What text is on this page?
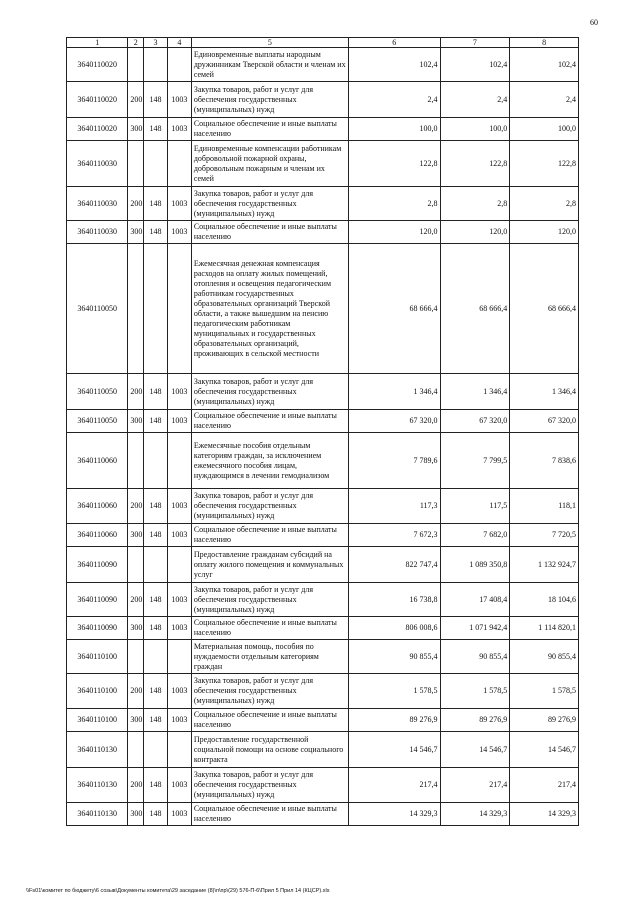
60
1	2	3	4	5	6	7	8
3640110020				Единовременные выплаты народным дружинникам Тверской области и членам их семей	102,4	102,4	102,4
3640110020	200	148	1003	Закупка товаров, работ и услуг для обеспечения государственных (муниципальных) нужд	2,4	2,4	2,4
3640110020	300	148	1003	Социальное обеспечение и иные выплаты населению	100,0	100,0	100,0
3640110030				Единовременные компенсации работникам добровольной пожарной охраны, добровольным пожарным и членам их семей	122,8	122,8	122,8
3640110030	200	148	1003	Закупка товаров, работ и услуг для обеспечения государственных (муниципальных) нужд	2,8	2,8	2,8
3640110030	300	148	1003	Социальное обеспечение и иные выплаты населению	120,0	120,0	120,0
3640110050				Ежемесячная денежная компенсация расходов на оплату жилых помещений, отопления и освещения педагогическим работникам государственных образовательных организаций Тверской области, а также вышедшим на пенсию педагогическим работникам муниципальных и государственных образовательных организаций, проживающих в сельской местности	68 666,4	68 666,4	68 666,4
3640110050	200	148	1003	Закупка товаров, работ и услуг для обеспечения государственных (муниципальных) нужд	1 346,4	1 346,4	1 346,4
3640110050	300	148	1003	Социальное обеспечение и иные выплаты населению	67 320,0	67 320,0	67 320,0
3640110060				Ежемесячные пособия отдельным категориям граждан, за исключением ежемесячного пособия лицам, нуждающимся в лечении гемодиализом	7 789,6	7 799,5	7 838,6
3640110060	200	148	1003	Закупка товаров, работ и услуг для обеспечения государственных (муниципальных) нужд	117,3	117,5	118,1
3640110060	300	148	1003	Социальное обеспечение и иные выплаты населению	7 672,3	7 682,0	7 720,5
3640110090				Предоставление гражданам субсидий на оплату жилого помещения и коммунальных услуг	822 747,4	1 089 350,8	1 132 924,7
3640110090	200	148	1003	Закупка товаров, работ и услуг для обеспечения государственных (муниципальных) нужд	16 738,8	17 408,4	18 104,6
3640110090	300	148	1003	Социальное обеспечение и иные выплаты населению	806 008,6	1 071 942,4	1 114 820,1
3640110100				Материальная помощь, пособия по нуждаемости отдельным категориям граждан	90 855,4	90 855,4	90 855,4
3640110100	200	148	1003	Закупка товаров, работ и услуг для обеспечения государственных (муниципальных) нужд	1 578,5	1 578,5	1 578,5
3640110100	300	148	1003	Социальное обеспечение и иные выплаты населению	89 276,9	89 276,9	89 276,9
3640110130				Предоставление государственной социальной помощи на основе социального контракта	14 546,7	14 546,7	14 546,7
3640110130	200	148	1003	Закупка товаров, работ и услуг для обеспечения государственных (муниципальных) нужд	217,4	217,4	217,4
3640110130	300	148	1003	Социальное обеспечение и иные выплаты населению	14 329,3	14 329,3	14 329,3
\\Fs01\комитет по бюджету\6 созыв\Документы комитета\29 заседание (8)\п\пр\(29) 576-П-6\Прил 5 Прил 14 (КЦСР).xls
